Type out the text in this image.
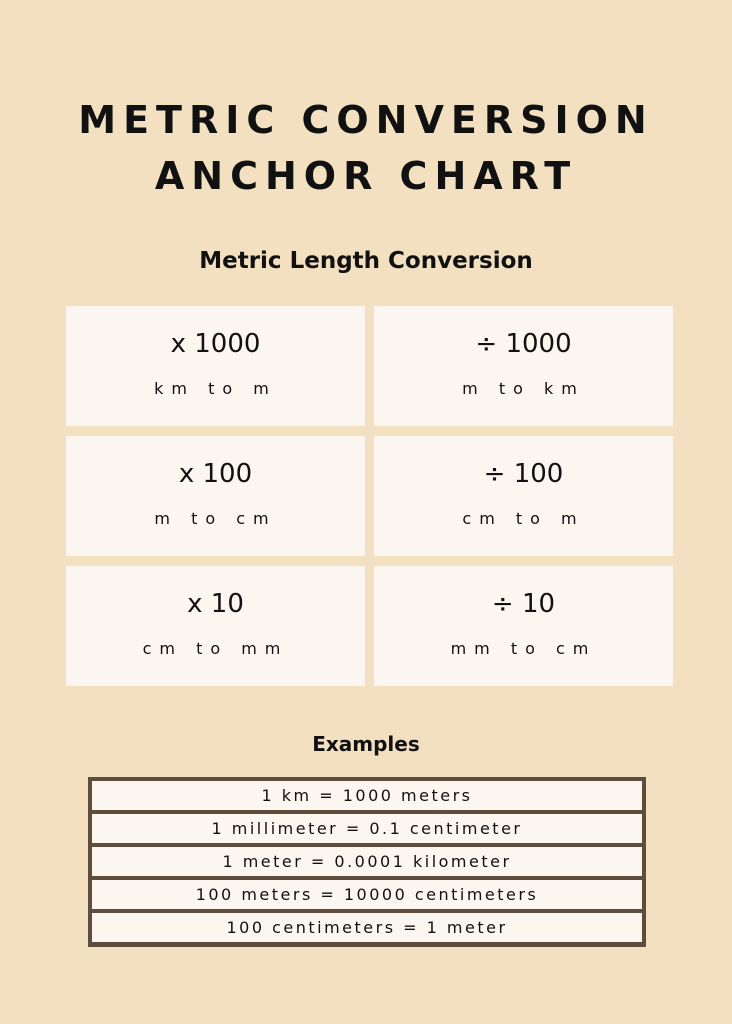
METRIC CONVERSION
ANCHOR CHART
Metric Length Conversion
x 1000
km to m
÷ 1000
m to km
x 100
m to cm
÷ 100
cm to m
x 10
cm to mm
÷ 10
mm to cm
Examples
1 km = 1000 meters
1 millimeter = 0.1 centimeter
1 meter = 0.0001 kilometer
100 meters = 10000 centimeters
100 centimeters = 1 meter
